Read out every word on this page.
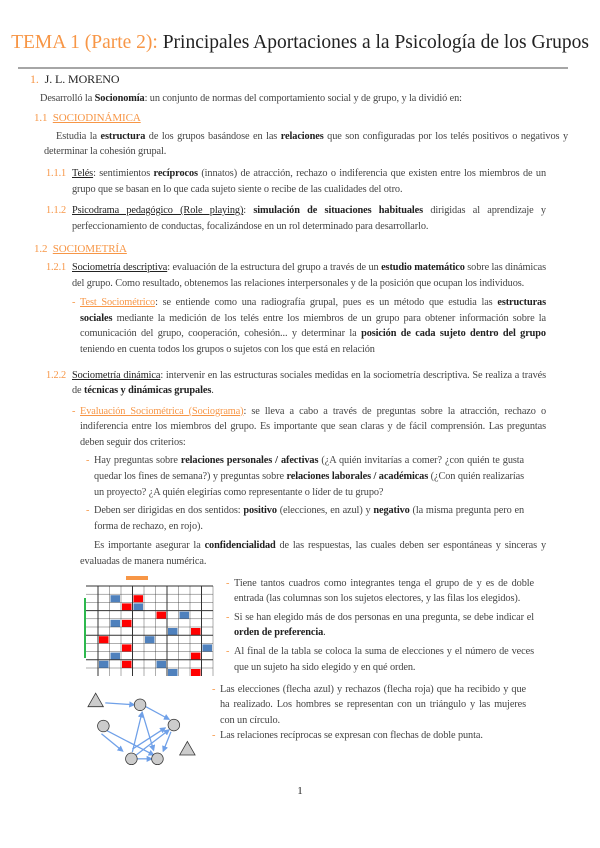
TEMA 1 (Parte 2): Principales Aportaciones a la Psicología de los Grupos
1. J. L. MORENO
Desarrolló la Socionomía: un conjunto de normas del comportamiento social y de grupo, y la dividió en:
1.1 SOCIODINÁMICA
Estudia la estructura de los grupos basándose en las relaciones que son configuradas por los telés positivos o negativos y determinar la cohesión grupal.
1.1.1 Telés: sentimientos recíprocos (innatos) de atracción, rechazo o indiferencia que existen entre los miembros de un grupo que se basan en lo que cada sujeto siente o recibe de las cualidades del otro.
1.1.2 Psicodrama pedagógico (Role playing): simulación de situaciones habituales dirigidas al aprendizaje y perfeccionamiento de conductas, focalizándose en un rol determinado para desarrollarlo.
1.2 SOCIOMETRÍA
1.2.1 Sociometría descriptiva: evaluación de la estructura del grupo a través de un estudio matemático sobre las dinámicas del grupo. Como resultado, obtenemos las relaciones interpersonales y de la posición que ocupan los individuos.
- Test Sociométrico: se entiende como una radiografía grupal, pues es un método que estudia las estructuras sociales mediante la medición de los telés entre los miembros de un grupo para obtener información sobre la comunicación del grupo, cooperación, cohesión... y determinar la posición de cada sujeto dentro del grupo teniendo en cuenta todos los grupos o sujetos con los que está en relación
1.2.2 Sociometría dinámica: intervenir en las estructuras sociales medidas en la sociometría descriptiva. Se realiza a través de técnicas y dinámicas grupales.
- Evaluación Sociométrica (Sociograma): se lleva a cabo a través de preguntas sobre la atracción, rechazo o indiferencia entre los miembros del grupo. Es importante que sean claras y de fácil comprensión. Las preguntas deben seguir dos criterios:
- Hay preguntas sobre relaciones personales / afectivas (¿A quién invitarías a comer? ¿con quién te gusta quedar los fines de semana?) y preguntas sobre relaciones laborales / académicas (¿Con quién realizarías un proyecto? ¿A quién elegirías como representante o líder de tu grupo?
- Deben ser dirigidas en dos sentidos: positivo (elecciones, en azul) y negativo (la misma pregunta pero en forma de rechazo, en rojo).
Es importante asegurar la confidencialidad de las respuestas, las cuales deben ser espontáneas y sinceras y evaluadas de manera numérica.
- Tiene tantos cuadros como integrantes tenga el grupo de y es de doble entrada (las columnas son los sujetos electores, y las filas los elegidos).
- Si se han elegido más de dos personas en una pregunta, se debe indicar el orden de preferencia.
- Al final de la tabla se coloca la suma de elecciones y el número de veces que un sujeto ha sido elegido y en qué orden.
- Las elecciones (flecha azul) y rechazos (flecha roja) que ha recibido y que ha realizado. Los hombres se representan con un triángulo y las mujeres con un círculo.
- Las relaciones recíprocas se expresan con flechas de doble punta.
1
